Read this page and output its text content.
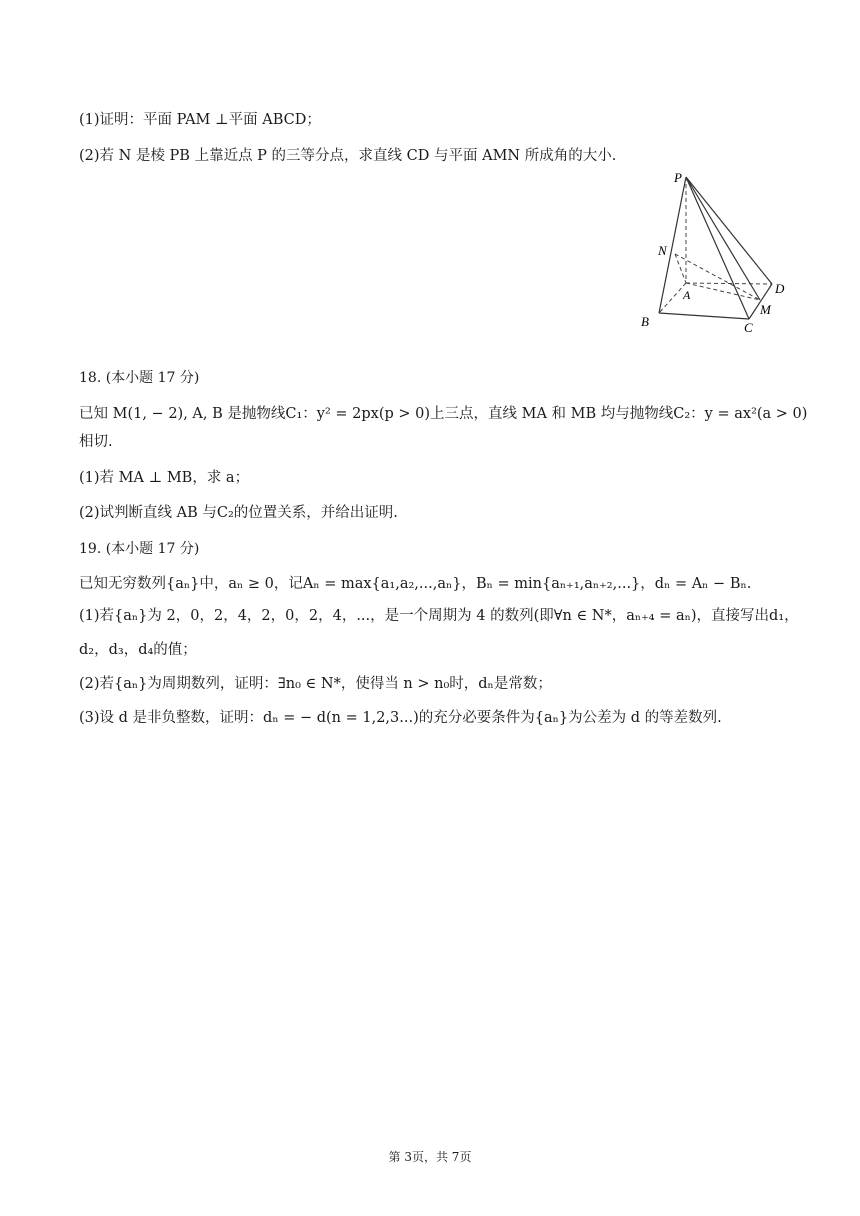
(1)证明：平面 PAM ⊥平面 ABCD；
(2)若 N 是棱 PB 上靠近点 P 的三等分点，求直线 CD 与平面 AMN 所成角的大小.
P
N
A	D
M
B	C
18. (本小题 17 分)
已知 M(1, − 2), A, B 是抛物线C₁：y² = 2px(p > 0)上三点，直线 MA 和 MB 均与抛物线C₂：y = ax²(a > 0)
相切.
(1)若 MA ⊥ MB，求 a；
(2)试判断直线 AB 与C₂的位置关系，并给出证明.
19. (本小题 17 分)
已知无穷数列{aₙ}中，aₙ ≥ 0，记Aₙ = max{a₁,a₂,...,aₙ}，Bₙ = min{aₙ₊₁,aₙ₊₂,...}，dₙ = Aₙ − Bₙ.
(1)若{aₙ}为 2，0，2，4，2，0，2，4，...，是一个周期为 4 的数列(即∀n ∈ N*，aₙ₊₄ = aₙ)，直接写出d₁，
d₂，d₃，d₄的值；
(2)若{aₙ}为周期数列，证明：∃n₀ ∈ N*，使得当 n > n₀时，dₙ是常数；
(3)设 d 是非负整数，证明：dₙ = − d(n = 1,2,3...)的充分必要条件为{aₙ}为公差为 d 的等差数列.
第 3页，共 7页
